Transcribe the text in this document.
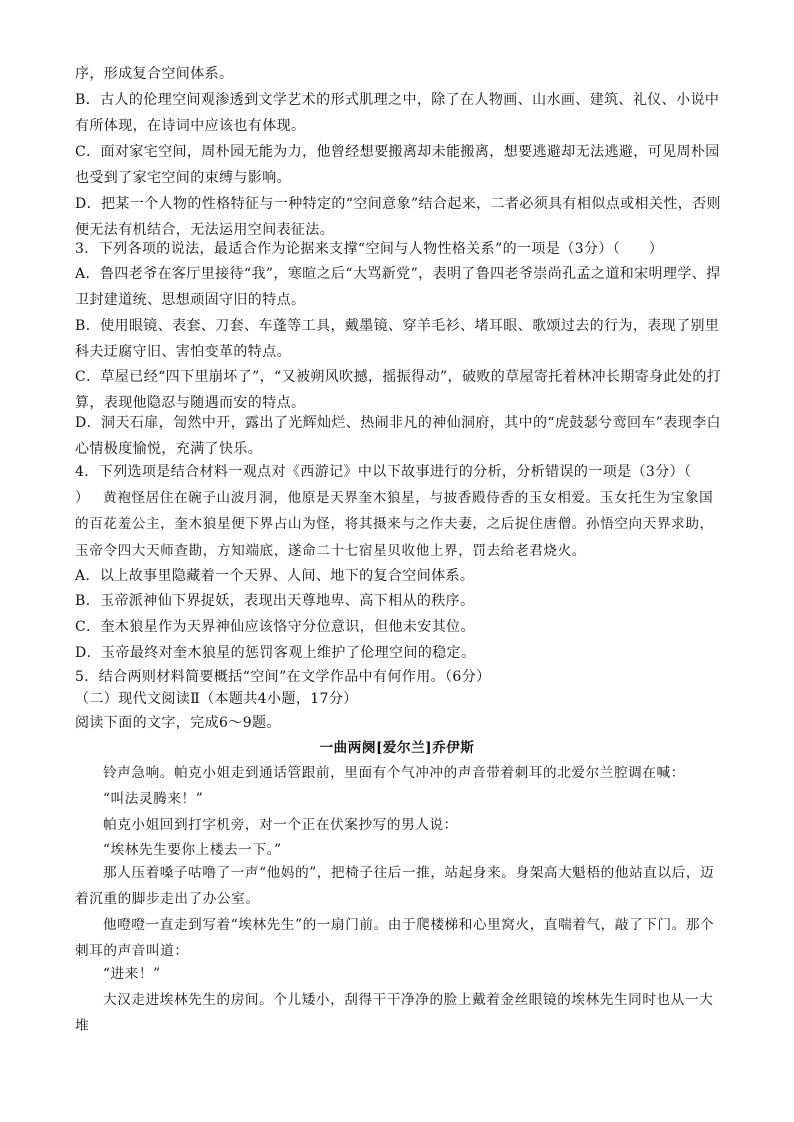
序，形成复合空间体系。
B．古人的伦理空间观渗透到文学艺术的形式肌理之中，除了在人物画、山水画、建筑、礼仪、小说中有所体现，在诗词中应该也有体现。
C．面对家宅空间，周朴园无能为力，他曾经想要搬离却未能搬离，想要逃避却无法逃避，可见周朴园也受到了家宅空间的束缚与影响。
D．把某一个人物的性格特征与一种特定的“空间意象”结合起来，二者必须具有相似点或相关性，否则便无法有机结合，无法运用空间表征法。
3．下列各项的说法，最适合作为论据来支撑“空间与人物性格关系”的一项是（3分）（　　）
A．鲁四老爷在客厅里接待“我”，寒暄之后“大骂新党”，表明了鲁四老爷崇尚孔孟之道和宋明理学、捍卫封建道统、思想顽固守旧的特点。
B．使用眼镜、表套、刀套、车蓬等工具，戴墨镜、穿羊毛衫、堵耳眼、歌颂过去的行为，表现了别里科夫迂腐守旧、害怕变革的特点。
C．草屋已经“四下里崩坏了”，“又被朔风吹撼，摇振得动”，破败的草屋寄托着林冲长期寄身此处的打算，表现他隐忍与随遇而安的特点。
D．洞天石扉，訇然中开，露出了光辉灿烂、热闹非凡的神仙洞府，其中的“虎鼓瑟兮鸾回车”表现李白心情极度愉悦，充满了快乐。
4．下列选项是结合材料一观点对《西游记》中以下故事进行的分析，分析错误的一项是（3分）（　　） 黄袍怪居住在碗子山波月洞，他原是天界奎木狼星，与披香殿侍香的玉女相爱。玉女托生为宝象国的百花羞公主，奎木狼星便下界占山为怪，将其摄来与之作夫妻，之后捉住唐僧。孙悟空向天界求助，玉帝令四大天师查勘，方知端底，遂命二十七宿星贝收他上界，罚去给老君烧火。
A．以上故事里隐藏着一个天界、人间、地下的复合空间体系。
B．玉帝派神仙下界捉妖，表现出天尊地卑、高下相从的秩序。
C．奎木狼星作为天界神仙应该恪守分位意识，但他未安其位。
D．玉帝最终对奎木狼星的惩罚客观上维护了伦理空间的稳定。
5．结合两则材料简要概括“空间”在文学作品中有何作用。（6分）
（二）现代文阅读Ⅱ（本题共4小题，17分）
阅读下面的文字，完成6～9题。
一曲两阕[爱尔兰]乔伊斯
铃声急响。帕克小姐走到通话管跟前，里面有个气冲冲的声音带着刺耳的北爱尔兰腔调在喊：
“叫法灵腾来！”
帕克小姐回到打字机旁，对一个正在伏案抄写的男人说：
“埃林先生要你上楼去一下。”
那人压着嗓子咕噜了一声“他妈的”，把椅子往后一推，站起身来。身架高大魁梧的他站直以后，迈着沉重的脚步走出了办公室。
他噔噔一直走到写着“埃林先生”的一扇门前。由于爬楼梯和心里窝火，直喘着气，敲了下门。那个刺耳的声音叫道：
“进来！”
大汉走进埃林先生的房间。个儿矮小，刮得干干净净的脸上戴着金丝眼镜的埃林先生同时也从一大堆
